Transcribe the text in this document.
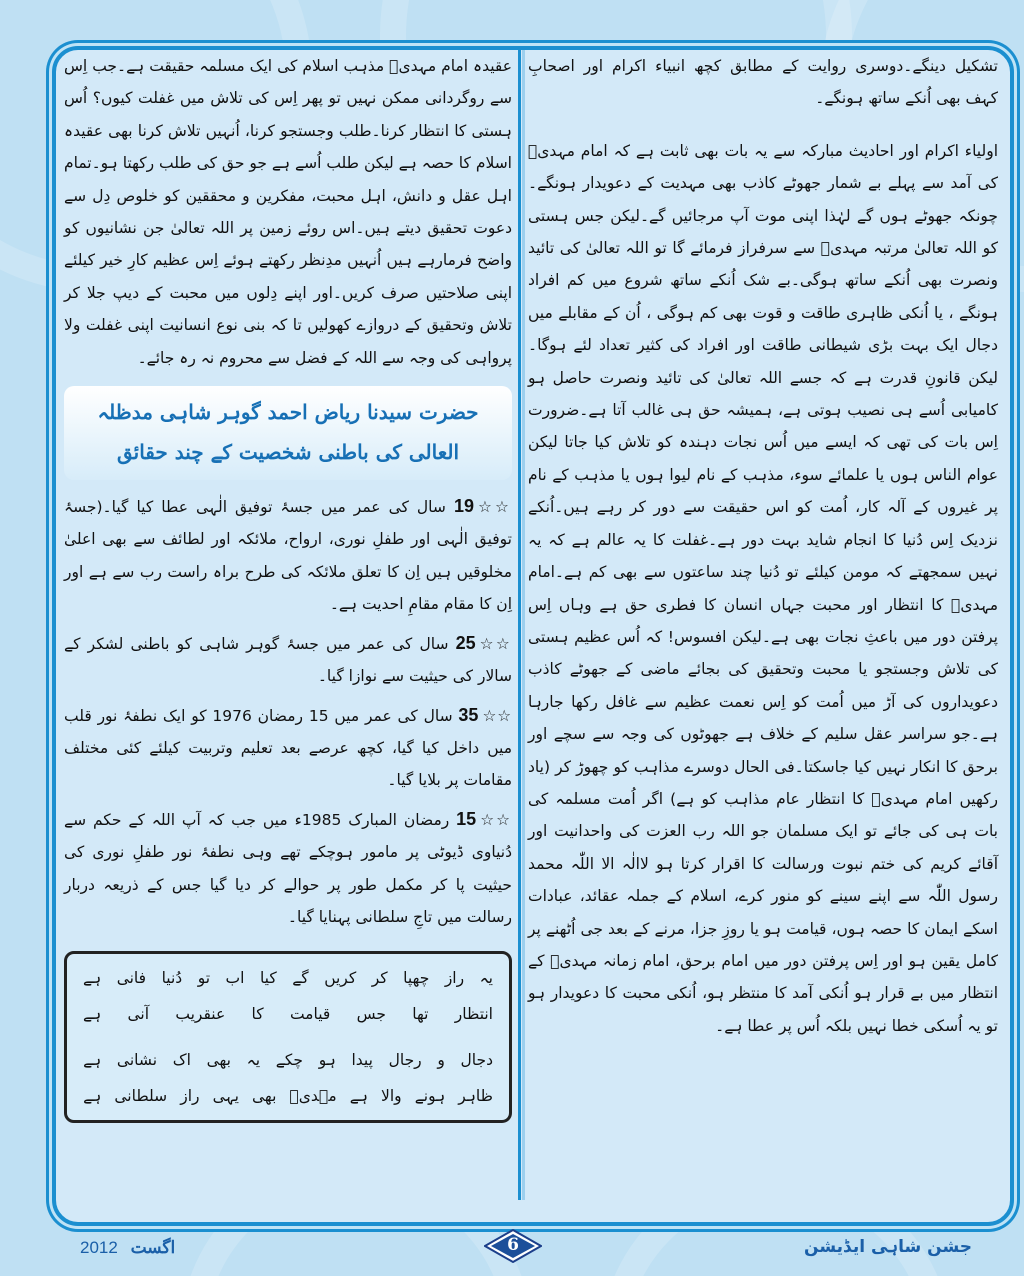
تشکیل دینگے۔دوسری روایت کے مطابق کچھ انبیاء اکرام اور اصحابِ کہف بھی اُنکے ساتھ ہونگے۔

اولیاء اکرام اور احادیث مبارکہ سے یہ بات بھی ثابت ہے کہ امام مہدیؑ کی آمد سے پہلے بے شمار جھوٹے کاذب بھی مہدیت کے دعویدار ہونگے۔چونکہ جھوٹے ہوں گے لہٰذا اپنی موت آپ مرجائیں گے۔لیکن جس ہستی کو اللہ تعالیٰ مرتبہ مہدیؑ سے سرفراز فرمائے گا تو اللہ تعالیٰ کی تائید ونصرت بھی اُنکے ساتھ ہوگی۔بے شک اُنکے ساتھ شروع میں کم افراد ہونگے ، یا اُنکی ظاہری طاقت و قوت بھی کم ہوگی ، اُن کے مقابلے میں دجال ایک بہت بڑی شیطانی طاقت اور افراد کی کثیر تعداد لئے ہوگا۔لیکن قانونِ قدرت ہے کہ جسے اللہ تعالیٰ کی تائید ونصرت حاصل ہو کامیابی اُسے ہی نصیب ہوتی ہے، ہمیشہ حق ہی غالب آتا ہے۔ضرورت اِس بات کی تھی کہ ایسے میں اُس نجات دہندہ کو تلاش کیا جاتا لیکن عوام الناس ہوں یا علمائے سوء، مذہب کے نام لیوا ہوں یا مذہب کے نام پر غیروں کے آلہ کار، اُمت کو اس حقیقت سے دور کر رہے ہیں۔اُنکے نزدیک اِس دُنیا کا انجام شاید بہت دور ہے۔غفلت کا یہ عالم ہے کہ یہ نہیں سمجھتے کہ مومن کیلئے تو دُنیا چند ساعتوں سے بھی کم ہے۔امام مہدیؑ کا انتظار اور محبت جہاں انسان کا فطری حق ہے وہاں اِس پرفتن دور میں باعثِ نجات بھی ہے۔لیکن افسوس! کہ اُس عظیم ہستی کی تلاش وجستجو یا محبت وتحقیق کی بجائے ماضی کے جھوٹے کاذب دعویداروں کی آڑ میں اُمت کو اِس نعمت عظیم سے غافل رکھا جارہا ہے۔جو سراسر عقل سلیم کے خلاف ہے جھوٹوں کی وجہ سے سچے اور برحق کا انکار نہیں کیا جاسکتا۔فی الحال دوسرے مذاہب کو چھوڑ کر (یاد رکھیں امام مہدیؑ کا انتظار عام مذاہب کو ہے) اگر اُمت مسلمہ کی بات ہی کی جائے تو ایک مسلمان جو اللہ رب العزت کی واحدانیت اور آقائے کریم کی ختم نبوت ورسالت کا اقرار کرتا ہو لاالٰہ الا اللّٰہ محمد رسول اللّٰہ سے اپنے سینے کو منور کرے، اسلام کے جملہ عقائد، عبادات اسکے ایمان کا حصہ ہوں، قیامت ہو یا روزِ جزا، مرنے کے بعد جی اُٹھنے پر کامل یقین ہو اور اِس پرفتن دور میں امام برحق، امام زمانہ مہدیؑ کے انتظار میں بے قرار ہو اُنکی آمد کا منتظر ہو، اُنکی محبت کا دعویدار ہو تو یہ اُسکی خطا نہیں بلکہ اُس پر عطا ہے۔

عقیدہ امام مہدیؑ مذہب اسلام کی ایک مسلمہ حقیقت ہے۔جب اِس سے روگردانی ممکن نہیں تو پھر اِس کی تلاش میں غفلت کیوں؟ اُس ہستی کا انتظار کرنا۔طلب وجستجو کرنا، اُنہیں تلاش کرنا بھی عقیدہ اسلام کا حصہ ہے لیکن طلب اُسے ہے جو حق کی طلب رکھتا ہو۔تمام اہل عقل و دانش، اہل محبت، مفکرین و محققین کو خلوص دِل سے دعوت تحقیق دیتے ہیں۔اس روئے زمین پر اللہ تعالیٰ جن نشانیوں کو واضح فرمارہے ہیں اُنہیں مدِنظر رکھتے ہوئے اِس عظیم کارِ خیر کیلئے اپنی صلاحتیں صرف کریں۔اور اپنے دِلوں میں محبت کے دیپ جلا کر تلاش وتحقیق کے دروازے کھولیں تا کہ بنی نوع انسانیت اپنی غفلت ولا پرواہی کی وجہ سے اللہ کے فضل سے محروم نہ رہ جائے۔

حضرت سیدنا ریاض احمد گوہر شاہی مدظلہ العالی کی باطنی شخصیت کے چند حقائق
☆☆19 سال کی عمر میں جسۂ توفیق الٰہی عطا کیا گیا۔(جسۂ توفیق الٰہی اور طفلِ نوری، ارواح، ملائکہ اور لطائف سے بھی اعلیٰ مخلوقیں ہیں اِن کا تعلق ملائکہ کی طرح براہ راست رب سے ہے اور اِن کا مقام مقامِ احدیت ہے۔
☆☆25 سال کی عمر میں جسۂ گوہر شاہی کو باطنی لشکر کے سالار کی حیثیت سے نوازا گیا۔
☆☆35 سال کی عمر میں 15 رمضان 1976 کو ایک نطفۂ نور قلب میں داخل کیا گیا، کچھ عرصے بعد تعلیم وتربیت کیلئے کئی مختلف مقامات پر بلایا گیا۔
☆☆15 رمضان المبارک 1985ء میں جب کہ آپ اللہ کے حکم سے دُنیاوی ڈیوٹی پر مامور ہوچکے تھے وہی نطفۂ نور طفلِ نوری کی حیثیت پا کر مکمل طور پر حوالے کر دیا گیا جس کے ذریعہ دربار رسالت میں تاجِ سلطانی پہنایا گیا۔
یہ
راز
چھپا
کر
کریں
گے
کیا
اب
تو
دُنیا
فانی
ہے
انتظار
تھا
جس
قیامت
کا
عنقریب
آنی
ہے
دجال
و
رجال
پیدا
ہو
چکے
یہ
بھی
اک
نشانی
ہے
ظاہر
ہونے
والا
ہے
مہدیؑ
بھی
یہی
راز
سلطانی
ہے
2012 اگست	6	جشن شاہی ایڈیشن
